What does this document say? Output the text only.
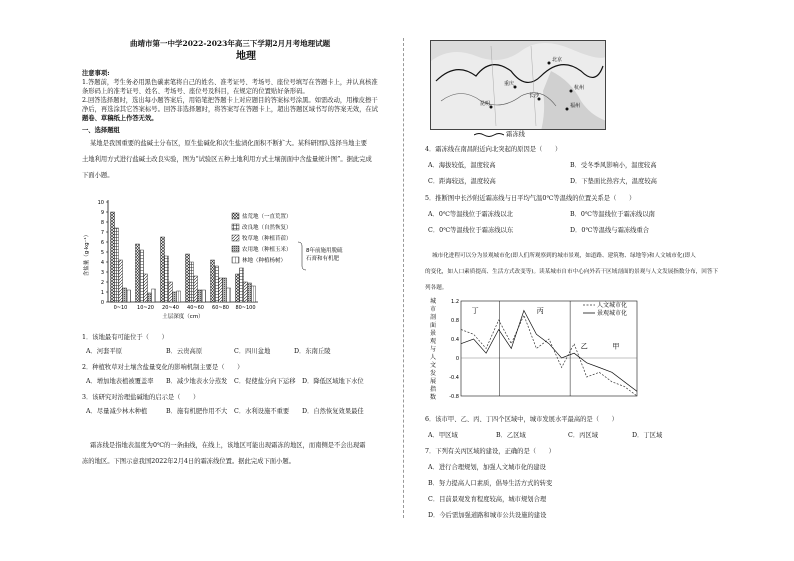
曲靖市第一中学2022-2023年高三下学期2月月考地理试题
地理
注意事项:
1.答题前，考生务必用黑色碳素笔将自己的姓名、准考证号、考场号、座位号填写在答题卡上，并认真核准
条形码上的准考证号、姓名、考场号、座位号及科目，在规定的位置贴好条形码。
2.回答选择题时，选出每小题答案后，用铅笔把答题卡上对应题目的答案标号涂黑。如需改动，用橡皮擦干
净后，再选涂其它答案标号。回答非选择题时，将答案写在答题卡上，超出答题区域书写的答案无效，在试
题卷、草稿纸上作答无效。
一、选择题组
某地是我国重要的盐碱土分布区，原生盐碱化和次生盐渍化面积不断扩大。某科研团队选择当地主要
土地利用方式进行盐碱土改良实验，图为“试验区五种土地利用方式土壤剖面中含盐量统计图”。据此完成
下面小题。
0
1
2
3
4
5
6
7
8
9
10
含盐量（g·kg⁻¹）
土层深度（cm）
0~10 10~20 20~40 40~60 60~80 80~100
盐荒地（一直荒置）
改良地（自然恢复）
牧草地（种植苜蓿）
农用地（种植玉米）
林地（种植杨树）
8年前施用脱硫
石膏和有机肥
1．该地最有可能位于（　　）
A．河套平原	B．云贵高原	C．四川盆地	D．东南丘陵
2．种植牧草对土壤含盐量变化的影响机制主要是（　　）
A．增加地表植被覆盖率 B．减少地表水分蒸发 C．促使盐分向下运移 D．降低区域地下水位
3．该研究对治理盐碱地的启示是（　　）
A．尽量减少林木种植	B．施有机肥作用不大 C．水利设施不重要 D．自然恢复效果最佳
霜冻线是指地表温度为0℃的一条曲线，在线上，该地区可能出现霜冻的地区，而南侧是不会出现霜
冻的地区。下图示意我国2022年2月4日的霜冻线位置。据此完成下面小题。
北京
重庆
长沙
杭州
福州
昆明
霜冻线
4．霜冻线在南昌附近向北突起的原因是（　　）
A．海拔较低，温度较高	B．受冬季风影响小，温度较高
C．距海较远，温度较高	D．下垫面比热容大，温度较高
5．推断图中长沙附近霜冻线与日平均气温0℃等温线的位置关系是（　　）
A．0℃等温线位于霜冻线以北	B．0℃等温线位于霜冻线以南
C．0℃等温线位于霜冻线以东	D．0℃等温线与霜冻线重合
城市化进程可以分为景观城市化(即人们所观察到的城市景观，如道路、建筑物、绿地等)和人文城市化(即人
的变化，如人口素质提高、生活方式改变等)。读某城市自市中心向外若干区域剖面的景观与人文发展指数分布，回答下
列各题。
1.2
0.8
0.4
0
-0.4
-0.8
城
市
剖
面
景
观
与
人
文
发
展
指
数
丁	丙
乙	甲
人文城市化
景观城市化
6．该市甲、乙、丙、丁四个区域中，城市发展水平最高的是（　　）
A．甲区域	B．乙区域	C．丙区域	D．丁区域
7．下列有关丙区域的建设，正确的是（　　）
A．进行合理规划，加强人文城市化的建设
B．努力提高人口素质，倡导生活方式的转变
C．目前景观发育程度较高，城市规划合理
D．今后需加强道路和城市公共设施的建设
